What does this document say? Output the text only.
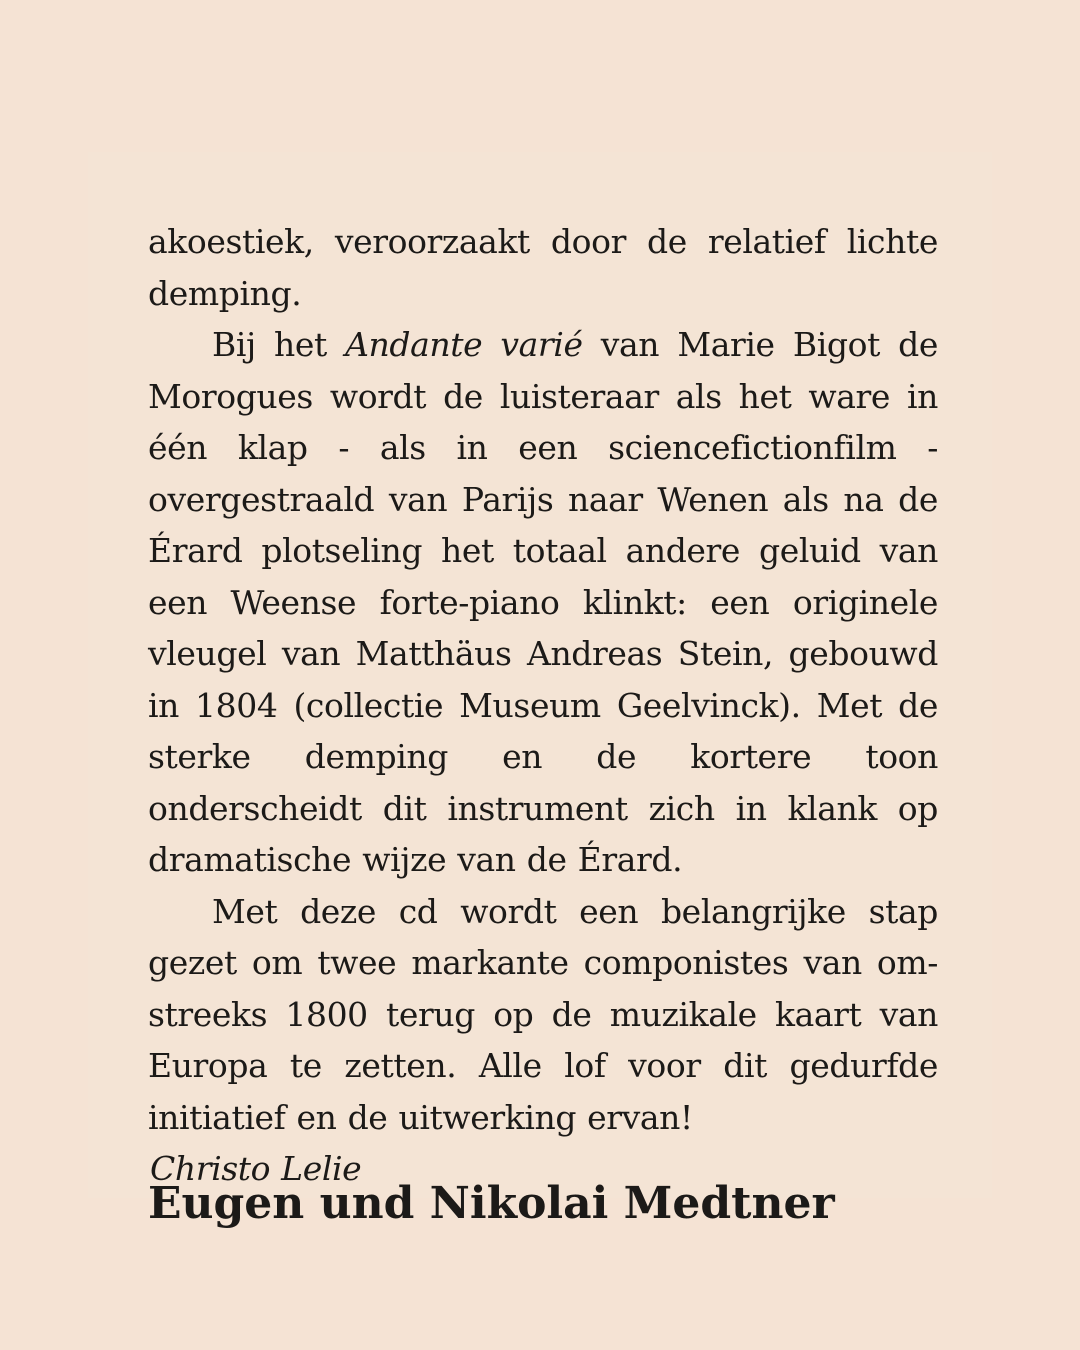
akoestiek, veroorzaakt door de relatief lichte demping.

Bij het Andante varié van Marie Bigot de Morogues wordt de luisteraar als het ware in één klap - als in een sciencefictionfilm - overgestraald van Parijs naar Wenen als na de Érard plotseling het totaal andere geluid van een Weense forte-piano klinkt: een originele vleugel van Matthäus Andreas Stein, gebouwd in 1804 (collectie Museum Geelvinck). Met de sterke demping en de kortere toon onderscheidt dit instrument zich in klank op dramatische wijze van de Érard.

Met deze cd wordt een belangrijke stap gezet om twee markante componistes van om-streeks 1800 terug op de muzikale kaart van Europa te zetten. Alle lof voor dit gedurfde initiatief en de uitwerking ervan!

Christo Lelie

Eugen und Nikolai Medtner
